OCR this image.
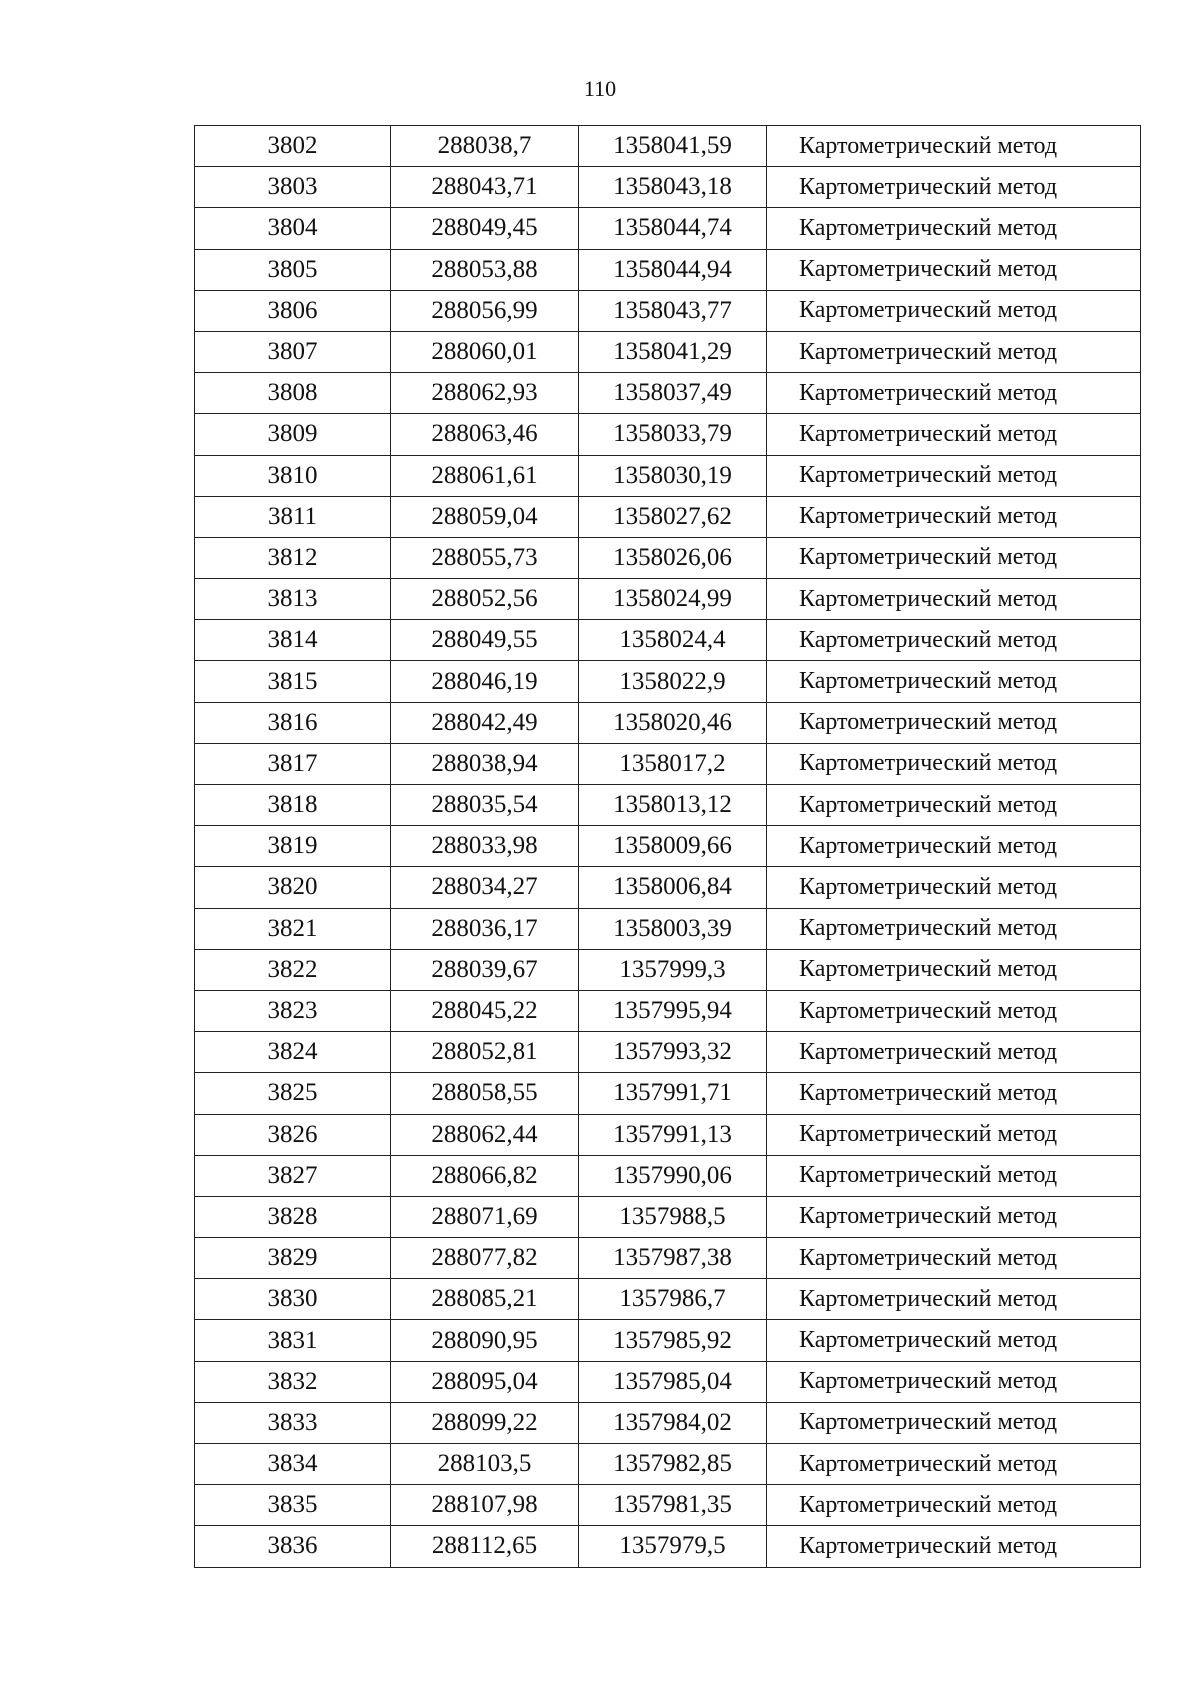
110
3802	288038,7	1358041,59	Картометрический метод
3803	288043,71	1358043,18	Картометрический метод
3804	288049,45	1358044,74	Картометрический метод
3805	288053,88	1358044,94	Картометрический метод
3806	288056,99	1358043,77	Картометрический метод
3807	288060,01	1358041,29	Картометрический метод
3808	288062,93	1358037,49	Картометрический метод
3809	288063,46	1358033,79	Картометрический метод
3810	288061,61	1358030,19	Картометрический метод
3811	288059,04	1358027,62	Картометрический метод
3812	288055,73	1358026,06	Картометрический метод
3813	288052,56	1358024,99	Картометрический метод
3814	288049,55	1358024,4	Картометрический метод
3815	288046,19	1358022,9	Картометрический метод
3816	288042,49	1358020,46	Картометрический метод
3817	288038,94	1358017,2	Картометрический метод
3818	288035,54	1358013,12	Картометрический метод
3819	288033,98	1358009,66	Картометрический метод
3820	288034,27	1358006,84	Картометрический метод
3821	288036,17	1358003,39	Картометрический метод
3822	288039,67	1357999,3	Картометрический метод
3823	288045,22	1357995,94	Картометрический метод
3824	288052,81	1357993,32	Картометрический метод
3825	288058,55	1357991,71	Картометрический метод
3826	288062,44	1357991,13	Картометрический метод
3827	288066,82	1357990,06	Картометрический метод
3828	288071,69	1357988,5	Картометрический метод
3829	288077,82	1357987,38	Картометрический метод
3830	288085,21	1357986,7	Картометрический метод
3831	288090,95	1357985,92	Картометрический метод
3832	288095,04	1357985,04	Картометрический метод
3833	288099,22	1357984,02	Картометрический метод
3834	288103,5	1357982,85	Картометрический метод
3835	288107,98	1357981,35	Картометрический метод
3836	288112,65	1357979,5	Картометрический метод
